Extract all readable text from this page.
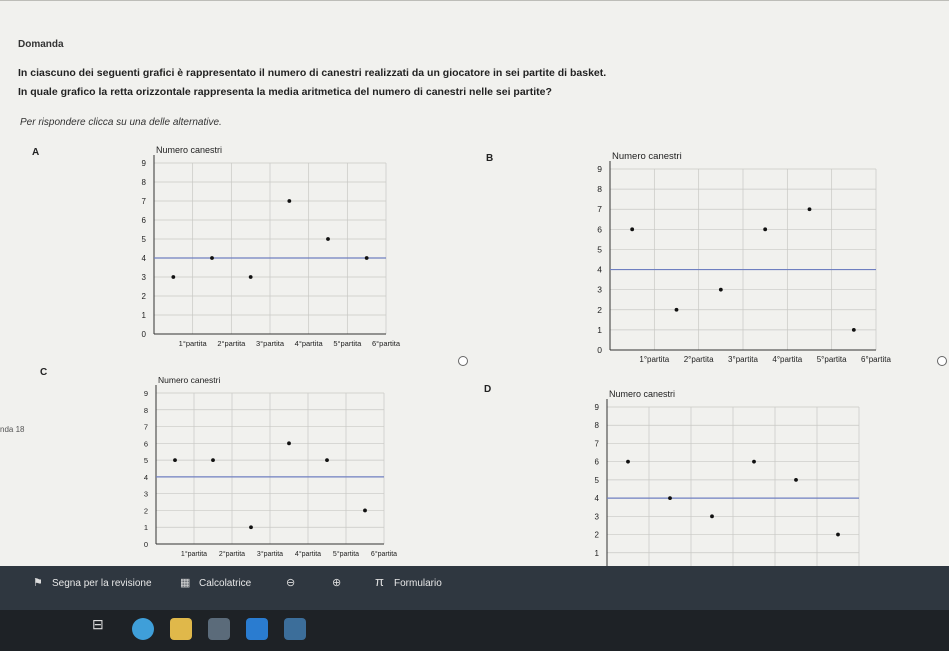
Domanda
In ciascuno dei seguenti grafici è rappresentato il numero di canestri realizzati da un giocatore in sei partite di basket.
In quale grafico la retta orizzontale rappresenta la media aritmetica del numero di canestri nelle sei partite?
Per rispondere clicca su una delle alternative.
nda 18
A
B
C
D
Numero canestri
0
1
2
3
4
5
6
7
8
9
1°partita 2°partita 3°partita 4°partita 5°partita 6°partita
Numero canestri
0
1
2
3
4
5
6
7
8
9
1°partita 2°partita 3°partita 4°partita 5°partita 6°partita
Numero canestri
0
1
2
3
4
5
6
7
8
9
1°partita 2°partita 3°partita 4°partita 5°partita 6°partita
Numero canestri
1
2
3
4
5
6
7
8
9
⚑ Segna per la revisione	▦ Calcolatrice	⊖	⊕	π Formulario
⊟
